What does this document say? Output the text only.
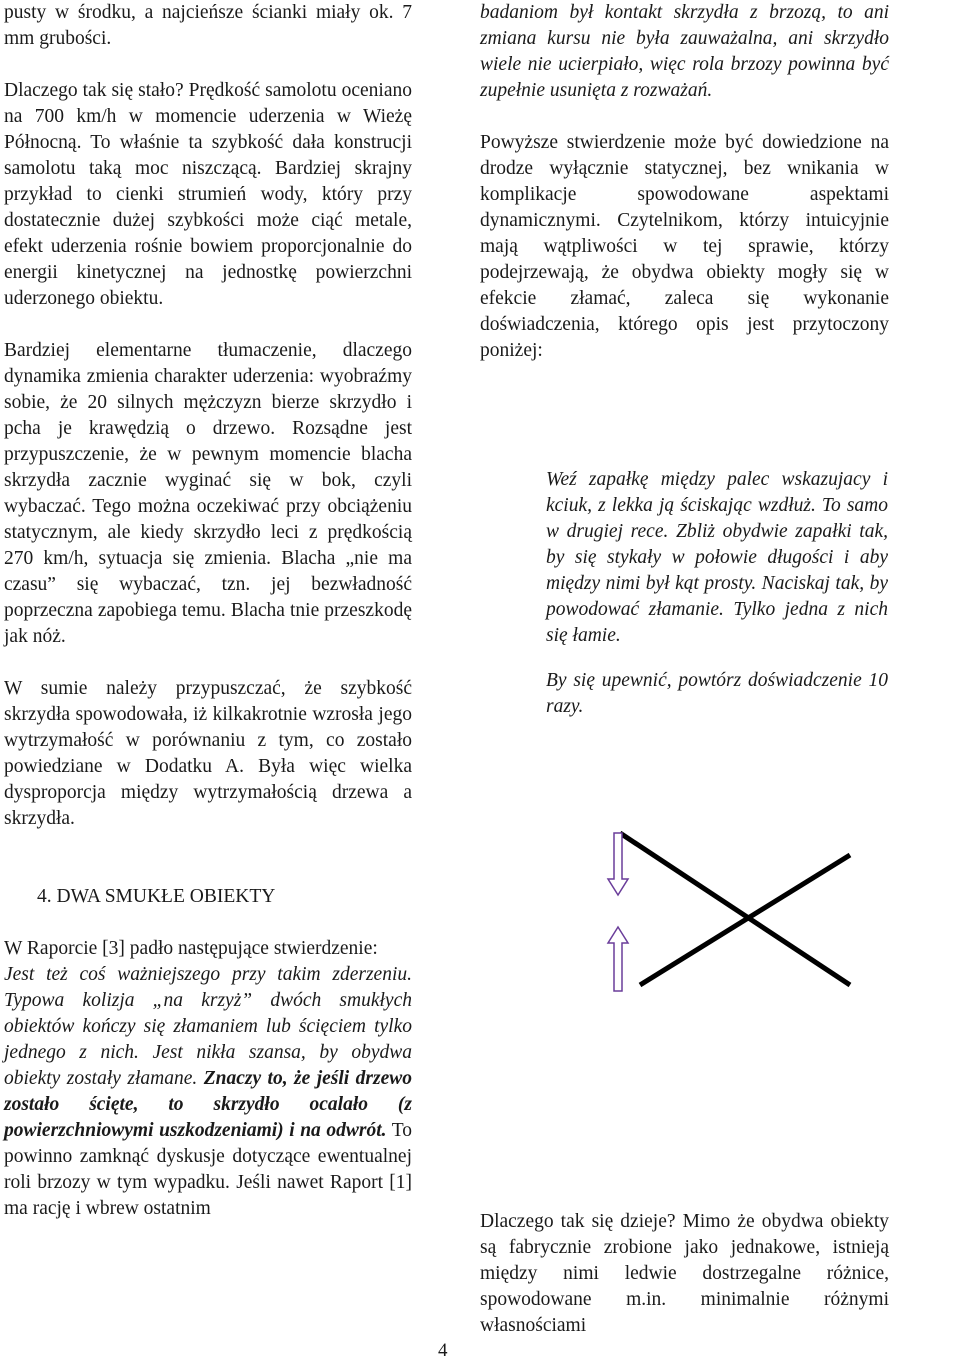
pusty w środku, a najcieńsze ścianki miały ok. 7 mm grubości.

Dlaczego tak się stało? Prędkość samolotu oceniano na 700 km/h w momencie uderzenia w Wieżę Północną. To właśnie ta szybkość dała konstrucji samolotu taką moc niszczącą. Bardziej skrajny przykład to cienki strumień wody, który przy dostatecznie dużej szybkości może ciąć metale, efekt uderzenia rośnie bowiem proporcjonalnie do energii kinetycznej na jednostkę powierzchni uderzonego obiektu.

Bardziej elementarne tłumaczenie, dlaczego dynamika zmienia charakter uderzenia: wyobraźmy sobie, że 20 silnych mężczyzn bierze skrzydło i pcha je krawędzią o drzewo. Rozsądne jest przypuszczenie, że w pewnym momencie blacha skrzydła zacznie wyginać się w bok, czyli wybaczać. Tego można oczekiwać przy obciążeniu statycznym, ale kiedy skrzydło leci z prędkością 270 km/h, sytuacja się zmienia. Blacha „nie ma czasu” się wybaczać, tzn. jej bezwładność poprzeczna zapobiega temu. Blacha tnie przeszkodę jak nóż.

W sumie należy przypuszczać, że szybkość skrzydła spowodowała, iż kilkakrotnie wzrosła jego wytrzymałość w porównaniu z tym, co zostało powiedziane w Dodatku A. Była więc wielka dysproporcja między wytrzymałością drzewa a skrzydła.

4. DWA SMUKŁE OBIEKTY

W Raporcie [3] padło następujące stwierdzenie:

Jest też coś ważniejszego przy takim zderzeniu. Typowa kolizja „na krzyż” dwóch smukłych obiektów kończy się złamaniem lub ścięciem tylko jednego z nich. Jest nikła szansa, by obydwa obiekty zostały złamane. Znaczy to, że jeśli drzewo zostało ścięte, to skrzydło ocalało (z powierzchniowymi uszkodzeniami) i na odwrót. To powinno zamknąć dyskusje dotyczące ewentualnej roli brzozy w tym wypadku. Jeśli nawet Raport [1] ma rację i wbrew ostatnim

badaniom był kontakt skrzydła z brzozą, to ani zmiana kursu nie była zauważalna, ani skrzydło wiele nie ucierpiało, więc rola brzozy powinna być zupełnie usunięta z rozważań.

Powyższe stwierdzenie może być dowiedzione na drodze wyłącznie statycznej, bez wnikania w komplikacje spowodowane aspektami dynamicznymi. Czytelnikom, którzy intuicyjnie mają wątpliwości w tej sprawie, którzy podejrzewają, że obydwa obiekty mogły się w efekcie złamać, zaleca się wykonanie doświadczenia, którego opis jest przytoczony poniżej:

Weź zapałkę między palec wskazujacy i kciuk, z lekka ją ściskając wzdłuż. To samo w drugiej rece. Zbliż obydwie zapałki tak, by się stykały w połowie długości i aby między nimi był kąt prosty. Naciskaj tak, by powodować złamanie. Tylko jedna z nich się łamie.

By się upewnić, powtórz doświadczenie 10 razy.

Dlaczego tak się dzieje? Mimo że obydwa obiekty są fabrycznie zrobione jako jednakowe, istnieją między nimi ledwie dostrzegalne różnice, spowodowane m.in. minimalnie różnymi własnościami

4
